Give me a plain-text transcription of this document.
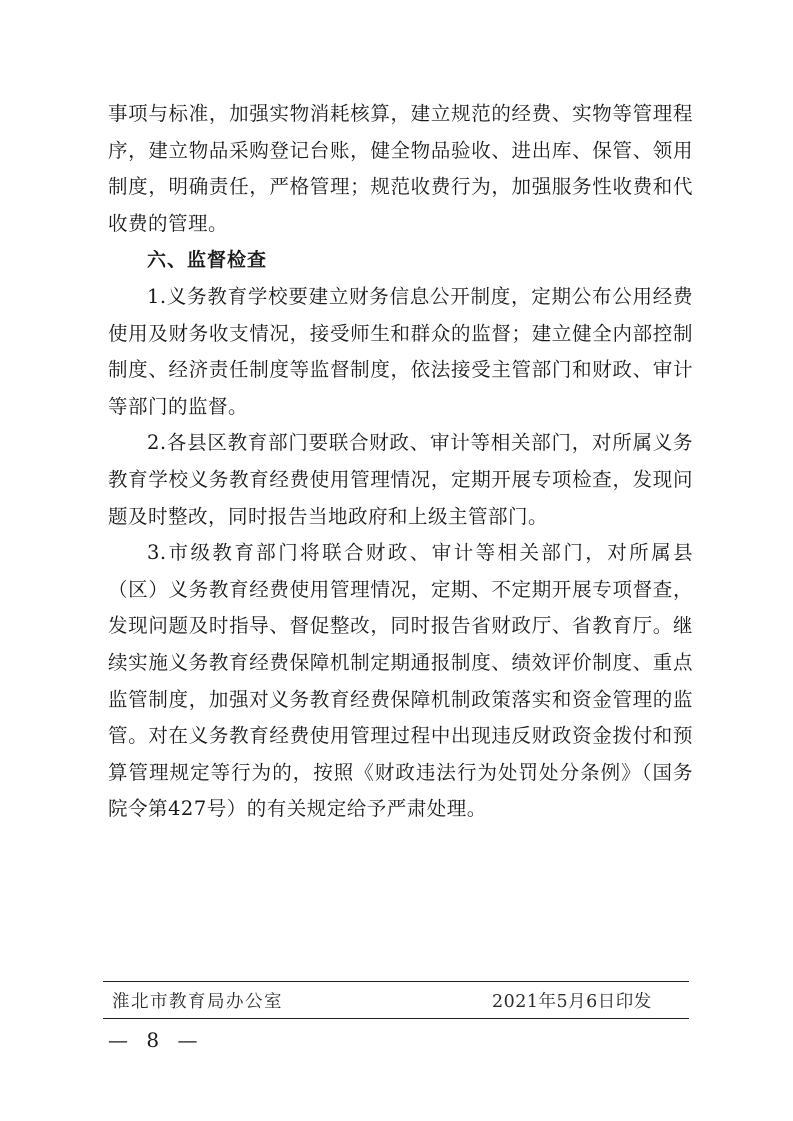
事项与标准，加强实物消耗核算，建立规范的经费、实物等管理程序，建立物品采购登记台账，健全物品验收、进出库、保管、领用制度，明确责任，严格管理；规范收费行为，加强服务性收费和代收费的管理。

六、监督检查

1.义务教育学校要建立财务信息公开制度，定期公布公用经费使用及财务收支情况，接受师生和群众的监督；建立健全内部控制制度、经济责任制度等监督制度，依法接受主管部门和财政、审计等部门的监督。

2.各县区教育部门要联合财政、审计等相关部门，对所属义务教育学校义务教育经费使用管理情况，定期开展专项检查，发现问题及时整改，同时报告当地政府和上级主管部门。

3.市级教育部门将联合财政、审计等相关部门，对所属县（区）义务教育经费使用管理情况，定期、不定期开展专项督查，发现问题及时指导、督促整改，同时报告省财政厅、省教育厅。继续实施义务教育经费保障机制定期通报制度、绩效评价制度、重点监管制度，加强对义务教育经费保障机制政策落实和资金管理的监管。对在义务教育经费使用管理过程中出现违反财政资金拨付和预算管理规定等行为的，按照《财政违法行为处罚处分条例》（国务院令第427号）的有关规定给予严肃处理。

淮北市教育局办公室	2021年5月6日印发
— 8 —
